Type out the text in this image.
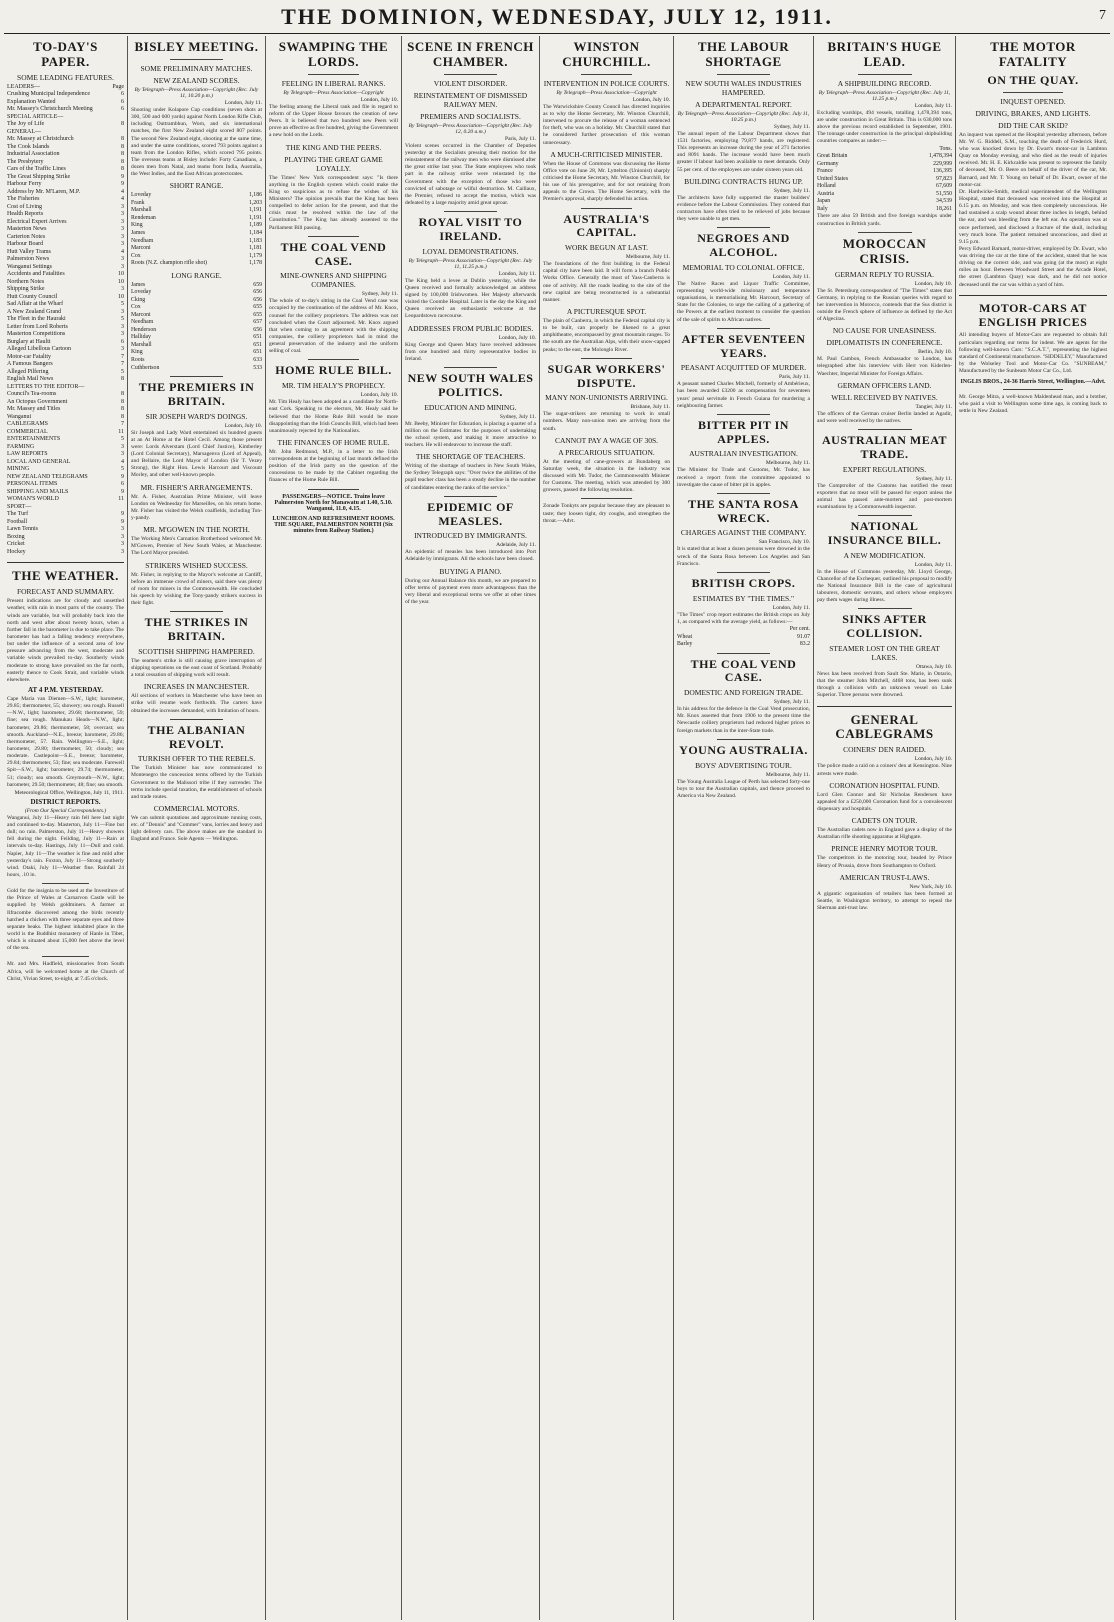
THE DOMINION, WEDNESDAY, JULY 12, 1911.	7
TO-DAY'S PAPER.
SOME LEADING FEATURES.
LEADERS—	Page
Crushing Municipal Independence	6
Explanation Wanted	6
Mr. Massey's Christchurch Meeting	6
SPECIAL ARTICLE—
The Joy of Life	8
GENERAL—
Mr. Massey at Christchurch	8
The Cook Islands	8
Industrial Association	8
The Presbytery	8
Cars of the Traffic Lines	8
The Great Shipping Strike	9
Harbour Ferry	9
Address by Mr. M'Laren, M.P.	4
The Fisheries	4
Cost of Living	3
Health Reports	3
Electrical Expert Arrives	3
Masterton News	3
Carterton Notes	3
Harbour Board	3
Hutt Valley Trams	4
Palmerston News	3
Wanganui Settings	3
Accidents and Fatalities	10
Northern Notes	10
Shipping Strike	3
Hutt County Council	10
Sad Affair at the Wharf	5
A New Zealand Grand	3
The Fleet in the Hauraki	5
Letter from Lord Roberts	3
Masterton Competitions	3
Burglary at Haultt	6
Alleged Libellous Cartoon	3
Motor-car Fatality	7
A Famous Bangers	7
Alleged Pilfering	5
English Mail News	8
LETTERS TO THE EDITOR—
Council's Tea-rooms	8
An Octopus Government	8
Mr. Massey and Titles	8
Wanganui	8
CABLEGRAMS	7
COMMERCIAL	11
ENTERTAINMENTS	5
FARMING	3
LAW REPORTS	3
LOCAL AND GENERAL	4
MINING	5
NEW ZEALAND TELEGRAMS	9
PERSONAL ITEMS	6
SHIPPING AND MAILS	9
WOMAN'S WORLD	11
SPORT—
The Turf	9
Football	9
Lawn Tennis	3
Boxing	3
Cricket	3
Hockey	3
THE WEATHER.
FORECAST AND SUMMARY.

Present indications are for cloudy and unsettled weather, with rain in most parts of the country. The winds are variable, but will probably back into the north and west after about twenty hours, when a further fall in the barometer is due to take place. The barometer has had a falling tendency everywhere, but under the influence of a second area of low pressure advancing from the west, moderate and variable winds prevailed to-day. Southerly winds moderate to strong have prevailed on the far north, easterly thence to Cook Strait, and variable winds elsewhere.

AT 4 P.M. YESTERDAY.

Cape Maria van Diemen—S.W., light; barometer, 29.85; thermometer, 55; showery; sea rough. Russell—N.W., light; barometer, 29.68; thermometer, 59; fine; sea rough. Manukau Heads—N.W., light; barometer, 29.86; thermometer, 58; overcast; sea smooth. Auckland—N.E., breeze; barometer, 29.86; thermometer, 57. Rain. Wellington—S.E., light; barometer, 29.80; thermometer, 50; cloudy; sea moderate. Castlepoint—S.E., breeze; barometer, 29.84; thermometer, 53; fine; sea moderate. Farewell Spit—S.W., light; barometer, 29.74; thermometer, 51; cloudy; sea smooth. Greymouth—N.W., light; barometer, 29.50; thermometer, 48; fine; sea smooth.

Meteorological Office, Wellington, July 11, 1911.
DISTRICT REPORTS.
(From Our Special Correspondents.)

Wanganui, July 11—Heavy rain fell here last night and continued to-day. Masterton, July 11—Fine but dull; no rain. Palmerston, July 11—Heavy showers fell during the night. Feilding, July 11—Rain at intervals to-day. Hastings, July 11—Dull and cold. Napier, July 11—The weather is fine and mild after yesterday's rain. Foxton, July 11—Strong southerly wind. Otaki, July 11—Weather fine. Rainfall 24 hours, .10 in.

Gold for the insignia to be used at the Investiture of the Prince of Wales at Carnarvon Castle will be supplied by Welsh goldminers. A farmer at Ilfracombe discovered among the birds recently hatched a chicken with three separate eyes and three separate beaks. The highest inhabited place in the world is the Buddhist monastery of Hanle in Tibet, which is situated about 15,000 feet above the level of the sea.

Mr. and Mrs. Hadfield, missionaries from South Africa, will be welcomed home at the Church of Christ, Vivian Street, to-night, at 7.45 o'clock.

BISLEY MEETING.
SOME PRELIMINARY MATCHES.
NEW ZEALAND SCORES.
By Telegraph—Press Association—Copyright (Rec. July 11, 10.20 p.m.)
London, July 11.

Shooting under Kolapore Cup conditions (seven shots at 300, 500 and 600 yards) against North London Rifle Club, including Outtrambhun, Worn, and six international matches, the first New Zealand eight scored 807 points. The second New Zealand eight, shooting at the same time, and under the same conditions, scored 793 points against a team from the London Rifles, which scored 795 points. The overseas teams at Bisley include: Forty Canadians, a dozen men from Natal, and teams from India, Australia, the West Indies, and the East African protectorates.

SHORT RANGE.
Loveday	1,186
Frank	1,203
Marshall	1,191
Rendeman	1,191
King	1,189
James	1,184
Needham	1,183
Marconi	1,181
Cox	1,179
Roots (N.Z. champion rifle shot)	1,178
LONG RANGE.
James	659
Loveday	656
Cking	656
Cox	655
Marconi	655
Needham	657
Henderson	656
Halliday	651
Marshall	651
King	651
Roots	633
Cuthbertson	533
THE PREMIERS IN BRITAIN.
SIR JOSEPH WARD'S DOINGS.
London, July 10.

Sir Joseph and Lady Ward entertained six hundred guests at an At Home at the Hotel Cecil. Among those present were: Lords Alverstam (Lord Chief Justice), Kimberley (Lord Colonial Secretary), Marsagenva (Lord of Appeal), and Bellaire, the Lord Mayor of London (Sir T. Vezey Strong), the Right Hon. Lewis Harcourt and Viscount Morley, and other well-known people.

MR. FISHER'S ARRANGEMENTS.

Mr. A. Fisher, Australian Prime Minister, will leave London on Wednesday for Marseilles, on his return home. Mr. Fisher has visited the Welsh coalfields, including Ton-y-pandy.

MR. M'GOWEN IN THE NORTH.

The Working Men's Carnation Brotherhood welcomed Mr. M'Gowen, Premier of New South Wales, at Manchester. The Lord Mayor presided.

STRIKERS WISHED SUCCESS.

Mr. Fisher, in replying to the Mayor's welcome at Cardiff, before an immense crowd of miners, said there was plenty of room for miners in the Commonwealth. He concluded his speech by wishing the Tony-pandy strikers success in their fight.

THE STRIKES IN BRITAIN.
SCOTTISH SHIPPING HAMPERED.

The seamen's strike is still causing grave interruption of shipping operations on the east coast of Scotland. Probably a total cessation of shipping work will result.

INCREASES IN MANCHESTER.

All sections of workers in Manchester who have been on strike will resume work forthwith. The carters have obtained the increases demanded, with limitation of hours.

THE ALBANIAN REVOLT.
TURKISH OFFER TO THE REBELS.

The Turkish Minister has now communicated to Montenegro the concession terms offered by the Turkish Government to the Malissori tribe if they surrender. The terms include special taxation, the establishment of schools and trade routes.

COMMERCIAL MOTORS.

We can submit quotations and approximate running costs, etc. of "Dennis" and "Commer" vans, lorries and heavy and light delivery cars. The above makes are the standard in England and France. Sole Agents — Wellington.

SWAMPING THE LORDS.
FEELING IN LIBERAL RANKS.
By Telegraph—Press Association—Copyright
London, July 10.

The feeling among the Liberal rank and file in regard to reform of the Upper House favours the creation of new Peers. It is believed that two hundred new Peers will prove an effective as five hundred, giving the Government a new hold on the Lords.

THE KING AND THE PEERS.
PLAYING THE GREAT GAME LOYALLY.

The Times' New York correspondent says: "Is there anything in the English system which could make the King so suspicious as to refuse the wishes of his Ministers? The opinion prevails that the King has been compelled to defer action for the present, and that the crisis must be resolved within the law of the Constitution." The King has already assented to the Parliament Bill passing.

THE COAL VEND CASE.
MINE-OWNERS AND SHIPPING COMPANIES.
Sydney, July 11.

The whole of to-day's sitting in the Coal Vend case was occupied by the continuation of the address of Mr. Knox, counsel for the colliery proprietors. The address was not concluded when the Court adjourned. Mr. Knox argued that when coming to an agreement with the shipping companies, the colliery proprietors had in mind the general preservation of the industry and the uniform selling of coal.

HOME RULE BILL.
MR. TIM HEALY'S PROPHECY.
London, July 10.

Mr. Tim Healy has been adopted as a candidate for North-east Cork. Speaking to the electors, Mr. Healy said he believed that the Home Rule Bill would be more disappointing than the Irish Councils Bill, which had been unanimously rejected by the Nationalists.

THE FINANCES OF HOME RULE.

Mr. John Redmond, M.P., in a letter to the Irish correspondents at the beginning of last month defined the position of the Irish party on the question of the concessions to be made by the Cabinet regarding the finances of the Home Rule Bill.

PASSENGERS—NOTICE. Trains leave Palmerston North for Manawatu at 1.40, 5.10. Wanganui, 11.0, 4.15.
LUNCHEON AND REFRESHMENT ROOMS. THE SQUARE, PALMERSTON NORTH (Six minutes from Railway Station.)
SCENE IN FRENCH CHAMBER.
VIOLENT DISORDER.
REINSTATEMENT OF DISMISSED RAILWAY MEN.
PREMIERS AND SOCIALISTS.
By Telegraph—Press Association—Copyright (Rec. July 12, 0.20 a.m.)
Paris, July 11.

Violent scenes occurred in the Chamber of Deputies yesterday at the Socialists pressing their motion for the reinstatement of the railway men who were dismissed after the great strike last year. The State employees who took part in the railway strike were reinstated by the Government with the exception of those who were convicted of sabotage or wilful destruction. M. Caillaux, the Premier, refused to accept the motion, which was defeated by a large majority amid great uproar.

ROYAL VISIT TO IRELAND.
LOYAL DEMONSTRATIONS.
By Telegraph—Press Association—Copyright (Rec. July 11, 11.25 p.m.)
London, July 11.

The King held a levee at Dublin yesterday, while the Queen received and formally acknowledged an address signed by 100,000 Irishwomen. Her Majesty afterwards visited the Coombe Hospital. Later in the day the King and Queen received an enthusiastic welcome at the Leopardstown racecourse.

ADDRESSES FROM PUBLIC BODIES.
London, July 10.

King George and Queen Mary have received addresses from one hundred and thirty representative bodies in Ireland.

NEW SOUTH WALES POLITICS.
EDUCATION AND MINING.
Sydney, July 11.

Mr. Beeby, Minister for Education, is placing a quarter of a million on the Estimates for the purposes of undertaking the school system, and making it more attractive to teachers. He will endeavour to increase the staff.

THE SHORTAGE OF TEACHERS.

Writing of the shortage of teachers in New South Wales, the Sydney Telegraph says: "Over twice the abilities of the pupil teacher class has been a steady decline in the number of candidates entering the ranks of the service."

EPIDEMIC OF MEASLES.
INTRODUCED BY IMMIGRANTS.
Adelaide, July 11.

An epidemic of measles has been introduced into Port Adelaide by immigrants. All the schools have been closed.

BUYING A PIANO.

During our Annual Balance this month, we are prepared to offer terms of payment even more advantageous than the very liberal and exceptional terms we offer at other times of the year.

WINSTON CHURCHILL.
INTERVENTION IN POLICE COURTS.
By Telegraph—Press Association—Copyright
London, July 10.

The Warwickshire County Council has directed inquiries as to why the Home Secretary, Mr. Winston Churchill, intervened to procure the release of a woman sentenced for theft, who was on a holiday. Mr. Churchill stated that he considered further prosecution of this woman unnecessary.

A MUCH-CRITICISED MINISTER.

When the House of Commons was discussing the Home Office vote on June 28, Mr. Lyttelton (Unionist) sharply criticised the Home Secretary, Mr. Winston Churchill, for his use of his prerogative, and for not retaining from appeals to the Crown. The Home Secretary, with the Premier's approval, sharply defended his action.

AUSTRALIA'S CAPITAL.
WORK BEGUN AT LAST.
Melbourne, July 11.

The foundations of the first building in the Federal capital city have been laid. It will form a branch Public Works Office. Generally the most of Yass-Canberra is one of activity. All the roads leading to the site of the new capital are being reconstructed in a substantial manner.

A PICTURESQUE SPOT.

The plain of Canberra, in which the Federal capital city is to be built, can properly be likened to a great amphitheatre, encompassed by great mountain ranges. To the south are the Australian Alps, with their snow-capped peaks; to the east, the Molonglo River.

SUGAR WORKERS' DISPUTE.
MANY NON-UNIONISTS ARRIVING.
Brisbane, July 11.

The sugar-strikers are returning to work in small numbers. Many non-union men are arriving from the south.

CANNOT PAY A WAGE OF 30S.
A PRECARIOUS SITUATION.

At the meeting of cane-growers at Bundaberg on Saturday week, the situation in the industry was discussed with Mr. Tudor, the Commonwealth Minister for Customs. The meeting, which was attended by 300 growers, passed the following resolution.

Zonade Tonkyts are popular because they are pleasant to taste; they loosen tight, dry coughs, and strengthen the throat.—Advt.

THE LABOUR SHORTAGE
NEW SOUTH WALES INDUSTRIES HAMPERED.
A DEPARTMENTAL REPORT.
By Telegraph—Press Association—Copyright (Rec. July 11, 10.25 p.m.)
Sydney, July 11.

The annual report of the Labour Department shows that 1531 factories, employing 79,877 hands, are registered. This represents an increase during the year of 271 factories and 8091 hands. The increase would have been much greater if labour had been available to meet demands. Only 55 per cent. of the employees are under sixteen years old.

BUILDING CONTRACTS HUNG UP.
Sydney, July 11.

The architects have fully supported the master builders' evidence before the Labour Commission. They contend that contractors have often tried to be relieved of jobs because they were unable to get men.

NEGROES AND ALCOHOL.
MEMORIAL TO COLONIAL OFFICE.
London, July 11.

The Native Races and Liquor Traffic Committee, representing world-wide missionary and temperance organisations, is memorialising Mr. Harcourt, Secretary of State for the Colonies, to urge the calling of a gathering of the Powers at the earliest moment to consider the question of the sale of spirits to African natives.

AFTER SEVENTEEN YEARS.
PEASANT ACQUITTED OF MURDER.
Paris, July 11.

A peasant named Charles Mitchell, formerly of Ambérieux, has been awarded £3200 as compensation for seventeen years' penal servitude in French Guiana for murdering a neighbouring farmer.

BITTER PIT IN APPLES.
AUSTRALIAN INVESTIGATION.
Melbourne, July 11.

The Minister for Trade and Customs, Mr. Tudor, has received a report from the committee appointed to investigate the cause of bitter pit in apples.

THE SANTA ROSA WRECK.
CHARGES AGAINST THE COMPANY.
San Francisco, July 10.

It is stated that at least a dozen persons were drowned in the wreck of the Santa Rosa between Los Angeles and San Francisco.

BRITISH CROPS.
ESTIMATES BY "THE TIMES."
London, July 11.

"The Times" crop report estimates the British crops on July 1, as compared with the average yield, as follows:—

Per cent.
Wheat	91.07
Barley	83.2
THE COAL VEND CASE.
DOMESTIC AND FOREIGN TRADE.
Sydney, July 11.

In his address for the defence in the Coal Vend prosecution, Mr. Knox asserted that from 1906 to the present time the Newcastle colliery proprietors had reduced higher prices to foreign markets than in the inter-State trade.

YOUNG AUSTRALIA.
BOYS' ADVERTISING TOUR.
Melbourne, July 11.

The Young Australia League of Perth has selected forty-one boys to tour the Australian capitals, and thence proceed to America via New Zealand.

BRITAIN'S HUGE LEAD.
A SHIPBUILDING RECORD.
By Telegraph—Press Association—Copyright (Rec. July 11, 11.25 p.m.)
London, July 11.

Excluding warships, 494 vessels, totalling 1,478,394 tons, are under construction in Great Britain. This is 630,000 tons above the previous record established in September, 1901. The tonnage under construction in the principal shipbuilding countries compares as under:—

Tons.
Great Britain	1,478,394
Germany	229,999
France	136,395
United States	97,823
Holland	67,609
Austria	51,550
Japan	34,539
Italy	18,261

There are also 59 British and five foreign warships under construction in British yards.

MOROCCAN CRISIS.
GERMAN REPLY TO RUSSIA.
London, July 10.

The St. Petersburg correspondent of "The Times" states that Germany, in replying to the Russian queries with regard to her intervention in Morocco, contends that the Sus district is outside the French sphere of influence as defined by the Act of Algeciras.

NO CAUSE FOR UNEASINESS.
DIPLOMATISTS IN CONFERENCE.
Berlin, July 10.

M. Paul Cambon, French Ambassador to London, has telegraphed after his interview with Herr von Kiderlen-Waechter, Imperial Minister for Foreign Affairs.

GERMAN OFFICERS LAND.
WELL RECEIVED BY NATIVES.
Tangier, July 11.

The officers of the German cruiser Berlin landed at Agadir, and were well received by the natives.

AUSTRALIAN MEAT TRADE.
EXPERT REGULATIONS.
Sydney, July 11.

The Comptroller of the Customs has notified the meat exporters that no meat will be passed for export unless the animal has passed ante-mortem and post-mortem examinations by a Commonwealth inspector.

NATIONAL INSURANCE BILL.
A NEW MODIFICATION.
London, July 11.

In the House of Commons yesterday, Mr. Lloyd George, Chancellor of the Exchequer, outlined his proposal to modify the National Insurance Bill in the case of agricultural labourers, domestic servants, and others whose employers pay them wages during illness.

SINKS AFTER COLLISION.
STEAMER LOST ON THE GREAT LAKES.
Ottawa, July 10.

News has been received from Sault Ste. Marie, in Ontario, that the steamer John Mitchell, 4468 tons, has been sunk through a collision with an unknown vessel on Lake Superior. Three persons were drowned.

GENERAL CABLEGRAMS
COINERS' DEN RAIDED.
London, July 10.

The police made a raid on a coiners' den at Kensington. Nine arrests were made.

CORONATION HOSPITAL FUND.

Lord Glen Connor and Sir Nicholas Rendersen have appealed for a £250,000 Coronation fund for a convalescent dispensary and hospitals.

CADETS ON TOUR.

The Australian cadets now in England gave a display of the Australian rifle shooting apparatus at Highgate.

PRINCE HENRY MOTOR TOUR.

The competitors in the motoring tour, headed by Prince Henry of Prussia, drove from Southampton to Oxford.

AMERICAN TRUST-LAWS.
New York, July 10.

A gigantic organisation of retailers has been formed at Seattle, in Washington territory, to attempt to repeal the Sherman anti-trust law.

THE MOTOR FATALITY
ON THE QUAY.
INQUEST OPENED.
DRIVING, BRAKES, AND LIGHTS.
DID THE CAR SKID?

An inquest was opened at the Hospital yesterday afternoon, before Mr. W. G. Riddell, S.M., touching the death of Frederick Hurd, who was knocked down by Dr. Ewart's motor-car in Lambton Quay on Monday evening, and who died as the result of injuries received. Mr. H. E. Kirkcaldie was present to represent the family of deceased, Mr. O. Beere on behalf of the driver of the car, Mr. Barnard, and Mr. T. Young on behalf of Dr. Ewart, owner of the motor-car.

Dr. Hardwicke-Smith, medical superintendent of the Wellington Hospital, stated that deceased was received into the Hospital at 6.15 p.m. on Monday, and was then completely unconscious. He had sustained a scalp wound about three inches in length, behind the ear, and was bleeding from the left ear. An operation was at once performed, and disclosed a fracture of the skull, including very much bone. The patient remained unconscious, and died at 9.15 p.m.

Percy Edward Barnard, motor-driver, employed by Dr. Ewart, who was driving the car at the time of the accident, stated that he was driving on the correct side, and was going (at the most) at eight miles an hour. Between Woodward Street and the Arcade Hotel, the street (Lambton Quay) was dark, and he did not notice deceased until the car was within a yard of him.

MOTOR-CARS AT ENGLISH PRICES

All intending buyers of Motor-Cars are requested to obtain full particulars regarding our terms for indent. We are agents for the following well-known Cars: "S.C.A.T.", representing the highest standard of Continental manufacture. "SIDDELEY," Manufactured by the Wolseley Tool and Motor-Car Co. "SUNBEAM," Manufactured by the Sunbeam Motor Car Co., Ltd.

INGLIS BROS., 24-36 Harris Street, Wellington.—Advt.

Mr. George Mitra, a well-known Maldenhead man, and a brother, who paid a visit to Wellington some time ago, is coming back to settle in New Zealand.
